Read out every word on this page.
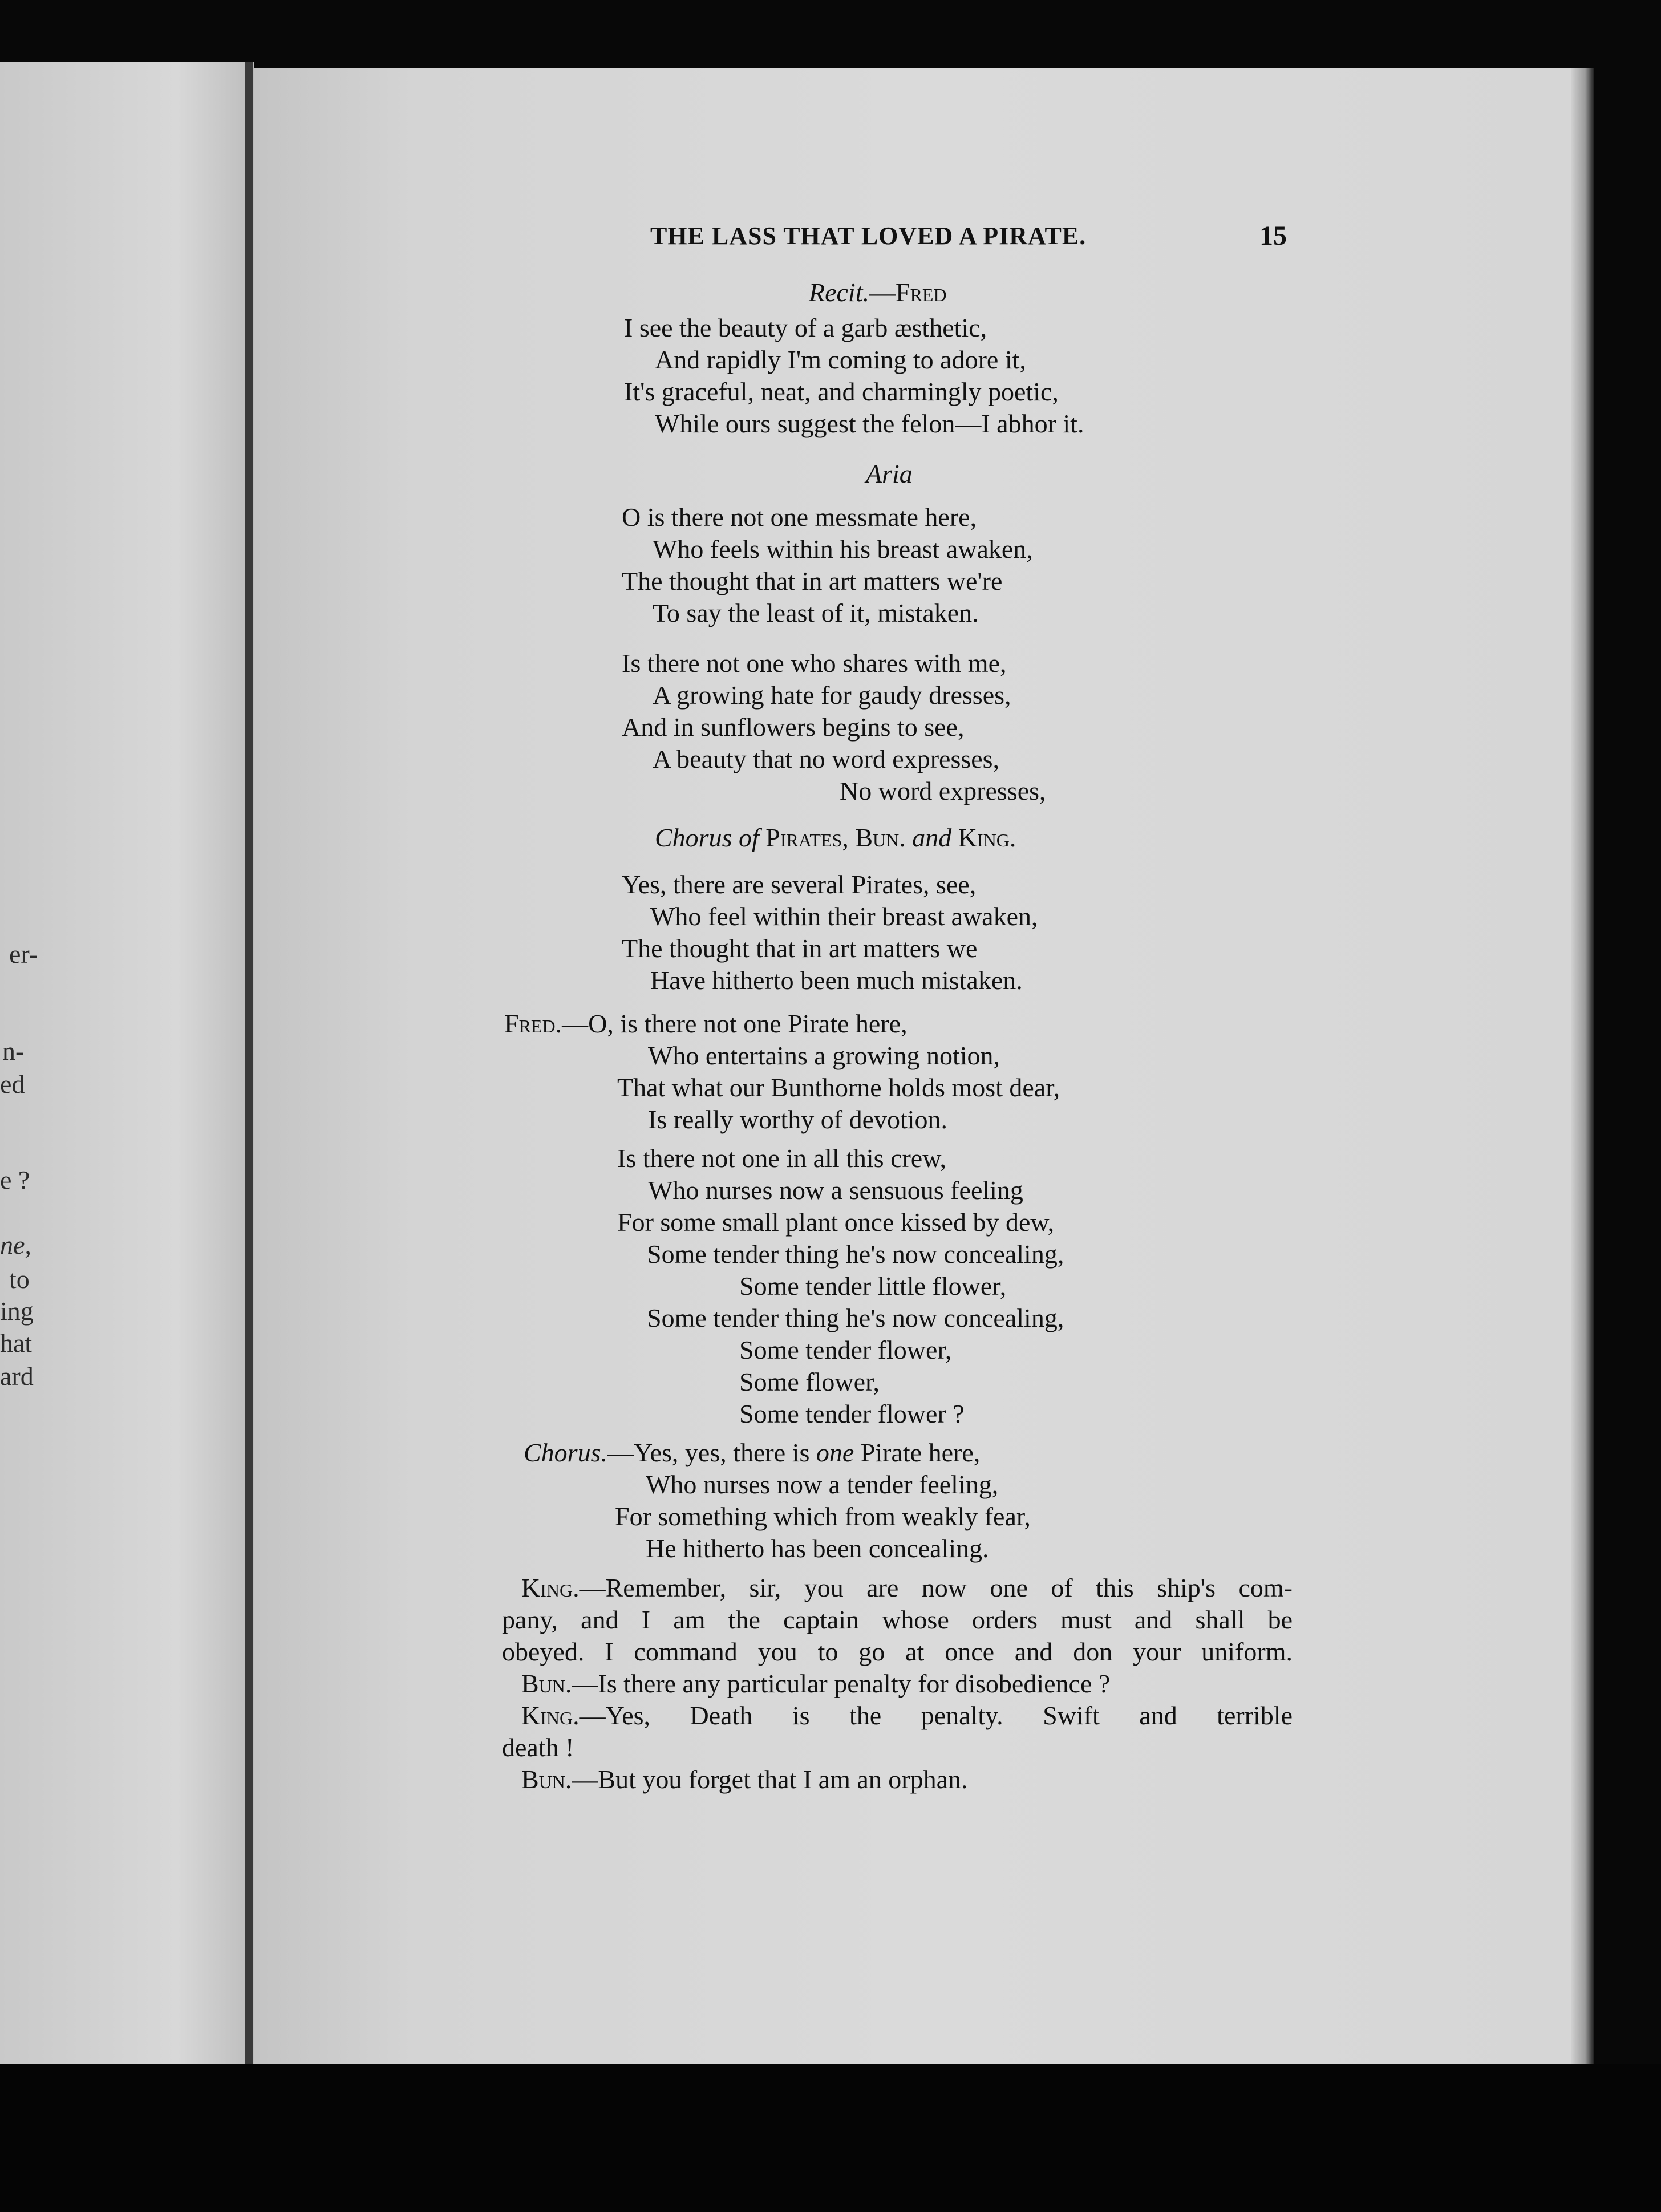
er-
n-
ed
e ?
ne,
to
ing
hat
ard
THE LASS THAT LOVED A PIRATE.	15
Recit.—Fred
I see the beauty of a garb æsthetic,
And rapidly I'm coming to adore it,
It's graceful, neat, and charmingly poetic,
While ours suggest the felon—I abhor it.
Aria
O is there not one messmate here,
Who feels within his breast awaken,
The thought that in art matters we're
To say the least of it, mistaken.
Is there not one who shares with me,
A growing hate for gaudy dresses,
And in sunflowers begins to see,
A beauty that no word expresses,
No word expresses,
Chorus of Pirates, Bun. and King.
Yes, there are several Pirates, see,
Who feel within their breast awaken,
The thought that in art matters we
Have hitherto been much mistaken.
Fred.—O, is there not one Pirate here,
Who entertains a growing notion,
That what our Bunthorne holds most dear,
Is really worthy of devotion.
Is there not one in all this crew,
Who nurses now a sensuous feeling
For some small plant once kissed by dew,
Some tender thing he's now concealing,
Some tender little flower,
Some tender thing he's now concealing,
Some tender flower,
Some flower,
Some tender flower ?
Chorus.—Yes, yes, there is one Pirate here,
Who nurses now a tender feeling,
For something which from weakly fear,
He hitherto has been concealing.
King.—Remember, sir, you are now one of this ship's com-
pany, and I am the captain whose orders must and shall be
obeyed. I command you to go at once and don your uniform.
Bun.—Is there any particular penalty for disobedience ?
King.—Yes, Death is the penalty. Swift and terrible
death !
Bun.—But you forget that I am an orphan.
